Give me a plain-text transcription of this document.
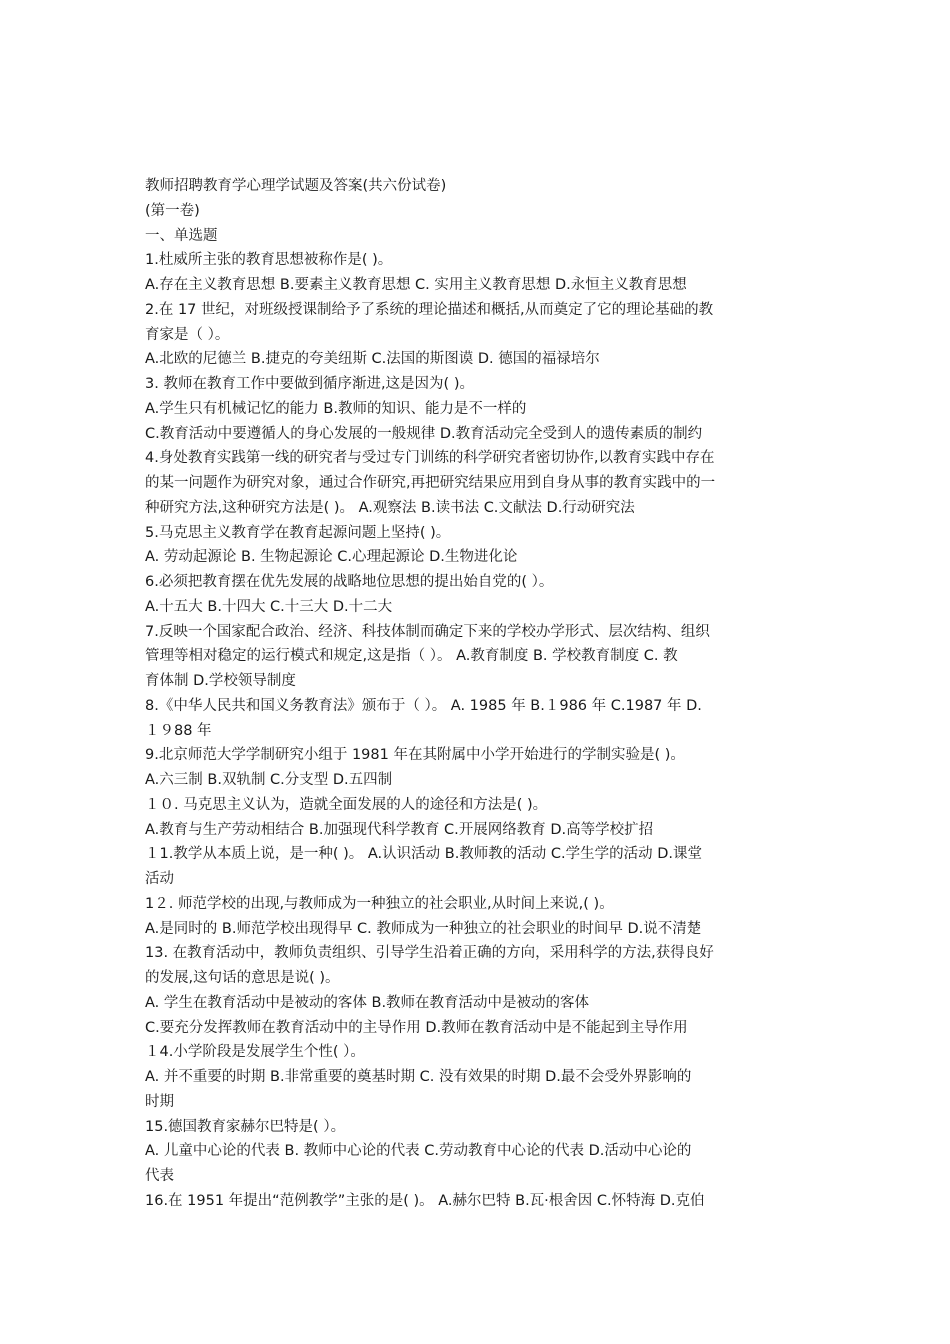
教师招聘教育学心理学试题及答案(共六份试卷)
(第一卷)
一、单选题
1.杜威所主张的教育思想被称作是( )。
A.存在主义教育思想 B.要素主义教育思想 C. 实用主义教育思想 D.永恒主义教育思想
2.在 17 世纪，对班级授课制给予了系统的理论描述和概括,从而奠定了它的理论基础的教
育家是（ ）。
A.北欧的尼德兰 B.捷克的夸美纽斯 C.法国的斯图谟 D. 德国的福禄培尔
3. 教师在教育工作中要做到循序渐进,这是因为( )。
A.学生只有机械记忆的能力 B.教师的知识、能力是不一样的
C.教育活动中要遵循人的身心发展的一般规律 D.教育活动完全受到人的遗传素质的制约
4.身处教育实践第一线的研究者与受过专门训练的科学研究者密切协作,以教育实践中存在
的某一问题作为研究对象，通过合作研究,再把研究结果应用到自身从事的教育实践中的一
种研究方法,这种研究方法是( )。 A.观察法 B.读书法 C.文献法 D.行动研究法
5.马克思主义教育学在教育起源问题上坚持( )。
A. 劳动起源论 B. 生物起源论 C.心理起源论 D.生物进化论
6.必须把教育摆在优先发展的战略地位思想的提出始自党的( ）。
A.十五大 B.十四大 C.十三大 D.十二大
7.反映一个国家配合政治、经济、科技体制而确定下来的学校办学形式、层次结构、组织
管理等相对稳定的运行模式和规定,这是指（ ）。 A.教育制度 B. 学校教育制度 C. 教
育体制 D.学校领导制度
8.《中华人民共和国义务教育法》颁布于（ ）。 A. 1985 年 B.１986 年 C.1987 年 D.
１９88 年
9.北京师范大学学制研究小组于 1981 年在其附属中小学开始进行的学制实验是( )。
A.六三制 B.双轨制 C.分支型 D.五四制
１０. 马克思主义认为，造就全面发展的人的途径和方法是( )。
A.教育与生产劳动相结合 B.加强现代科学教育 C.开展网络教育 D.高等学校扩招
１1.教学从本质上说，是一种( )。 A.认识活动 B.教师教的活动 C.学生学的活动 D.课堂
活动
1２. 师范学校的出现,与教师成为一种独立的社会职业,从时间上来说,( )。
A.是同时的 B.师范学校出现得早 C. 教师成为一种独立的社会职业的时间早 D.说不清楚
13. 在教育活动中，教师负责组织、引导学生沿着正确的方向，采用科学的方法,获得良好
的发展,这句话的意思是说( )。
A. 学生在教育活动中是被动的客体 B.教师在教育活动中是被动的客体
C.要充分发挥教师在教育活动中的主导作用 D.教师在教育活动中是不能起到主导作用
１4.小学阶段是发展学生个性( ）。
A. 并不重要的时期 B.非常重要的奠基时期 C. 没有效果的时期 D.最不会受外界影响的
时期
15.德国教育家赫尔巴特是( ）。
A. 儿童中心论的代表 B. 教师中心论的代表 C.劳动教育中心论的代表 D.活动中心论的
代表
16.在 1951 年提出“范例教学”主张的是( )。 A.赫尔巴特 B.瓦·根舍因 C.怀特海 D.克伯
